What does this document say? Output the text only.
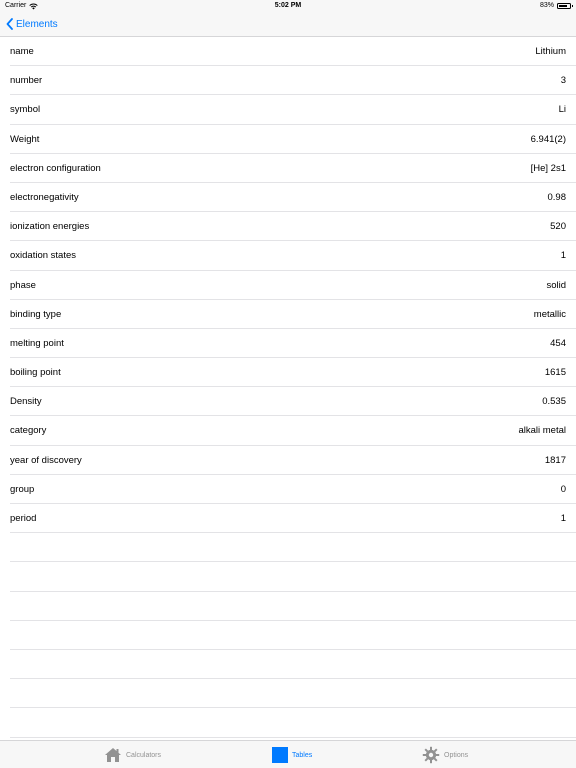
Carrier	5:02 PM	83%
Elements
name	Lithium
number	3
symbol	Li
Weight	6.941(2)
electron configuration	[He] 2s1
electronegativity	0.98
ionization energies	520
oxidation states	1
phase	solid
binding type	metallic
melting point	454
boiling point	1615
Density	0.535
category	alkali metal
year of discovery	1817
group	0
period	1
Calculators	Tables	Options
